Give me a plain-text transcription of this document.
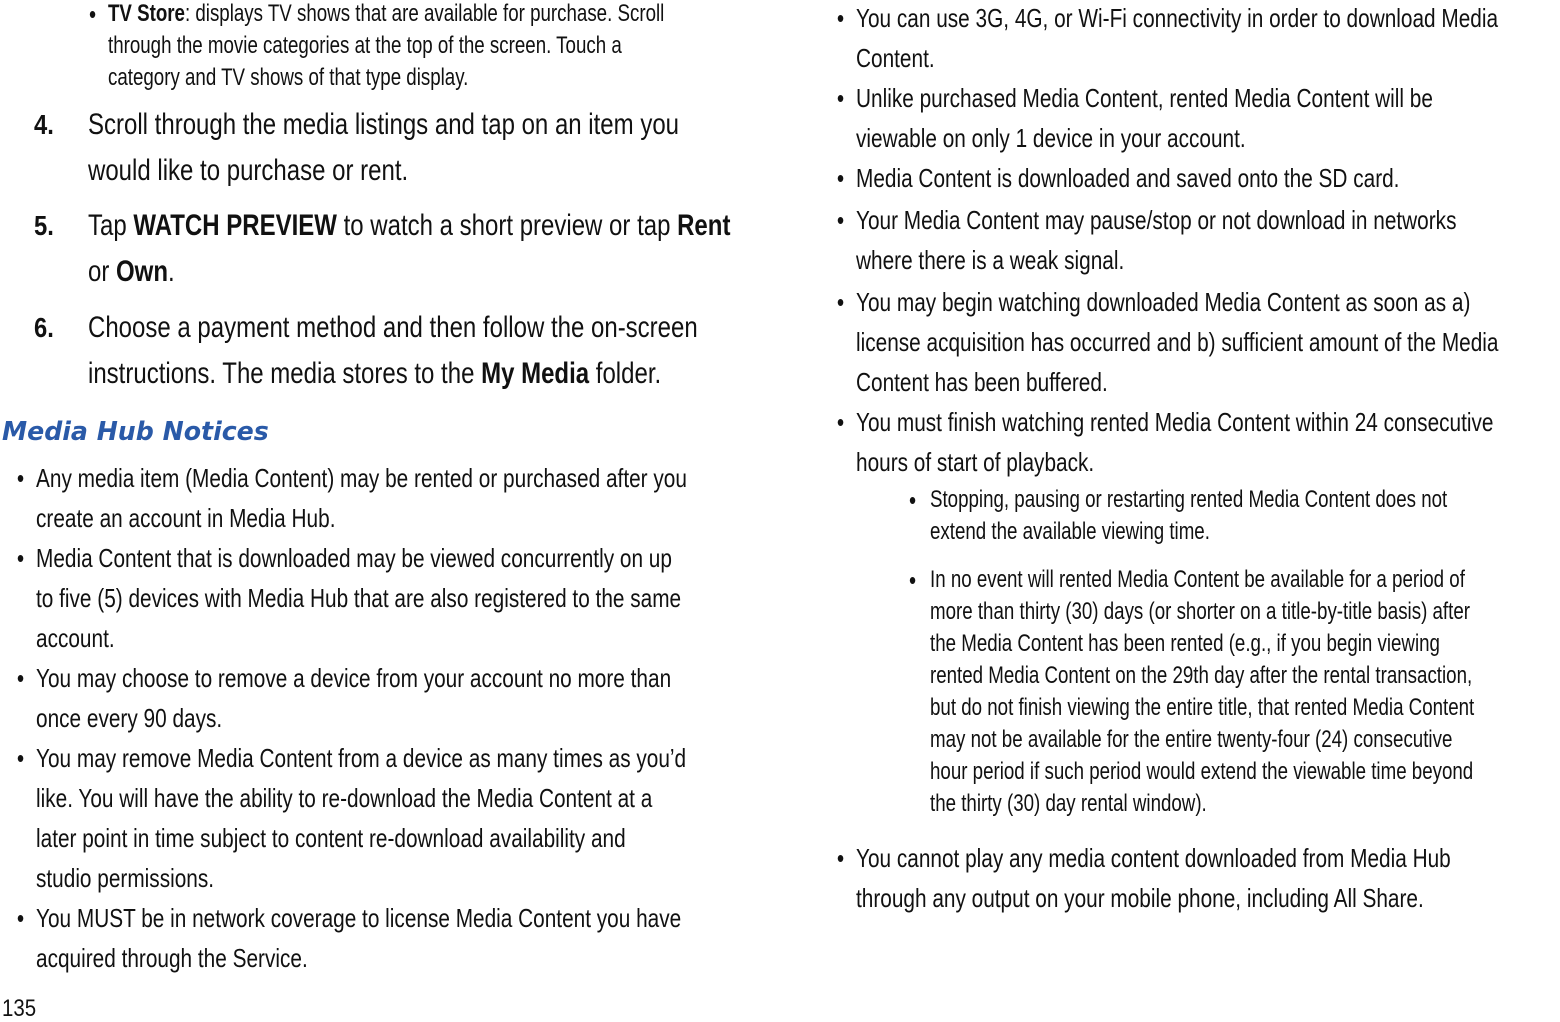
• TV Store: displays TV shows that are available for purchase. Scroll
through the movie categories at the top of the screen. Touch a
category and TV shows of that type display.
4. Scroll through the media listings and tap on an item you
would like to purchase or rent.
5. Tap WATCH PREVIEW to watch a short preview or tap Rent
or Own.
6. Choose a payment method and then follow the on-screen
instructions. The media stores to the My Media folder.
Media Hub Notices
• Any media item (Media Content) may be rented or purchased after you
create an account in Media Hub.
• Media Content that is downloaded may be viewed concurrently on up
to five (5) devices with Media Hub that are also registered to the same
account.
• You may choose to remove a device from your account no more than
once every 90 days.
• You may remove Media Content from a device as many times as you’d
like. You will have the ability to re-download the Media Content at a
later point in time subject to content re-download availability and
studio permissions.
• You MUST be in network coverage to license Media Content you have
acquired through the Service.
• You can use 3G, 4G, or Wi-Fi connectivity in order to download Media
Content.
• Unlike purchased Media Content, rented Media Content will be
viewable on only 1 device in your account.
• Media Content is downloaded and saved onto the SD card.
• Your Media Content may pause/stop or not download in networks
where there is a weak signal.
• You may begin watching downloaded Media Content as soon as a)
license acquisition has occurred and b) sufficient amount of the Media
Content has been buffered.
• You must finish watching rented Media Content within 24 consecutive
hours of start of playback.
• Stopping, pausing or restarting rented Media Content does not
extend the available viewing time.
• In no event will rented Media Content be available for a period of
more than thirty (30) days (or shorter on a title-by-title basis) after
the Media Content has been rented (e.g., if you begin viewing
rented Media Content on the 29th day after the rental transaction,
but do not finish viewing the entire title, that rented Media Content
may not be available for the entire twenty-four (24) consecutive
hour period if such period would extend the viewable time beyond
the thirty (30) day rental window).
• You cannot play any media content downloaded from Media Hub
through any output on your mobile phone, including All Share.
135
